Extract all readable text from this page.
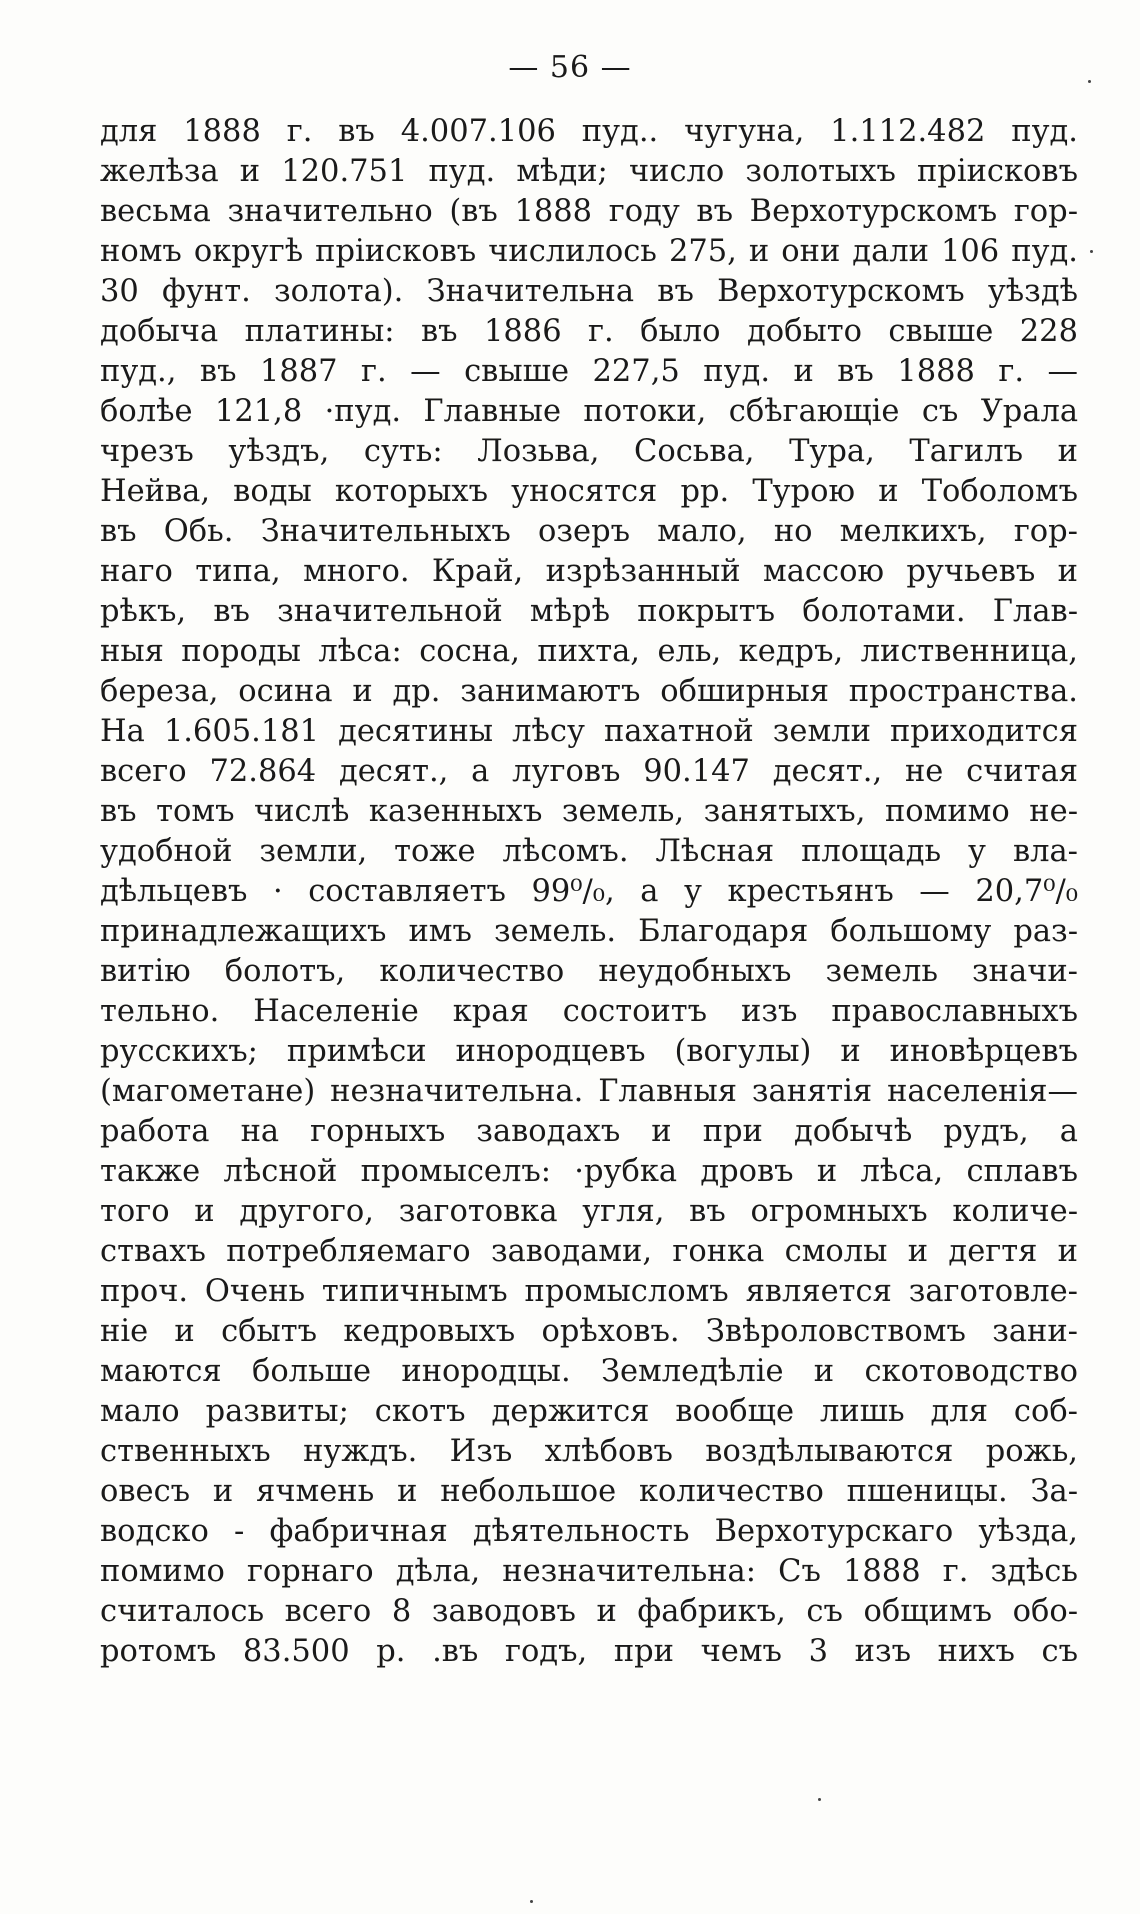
— 56 —
для 1888 г. въ 4.007.106 пуд.. чугуна, 1.112.482 пуд.
желѣза и 120.751 пуд. мѣди; число золотыхъ пріисковъ
весьма значительно (въ 1888 году въ Верхотурскомъ гор-
номъ округѣ пріисковъ числилось 275, и они дали 106 пуд.
30 фунт. золота). Значительна въ Верхотурскомъ уѣздѣ
добыча платины: въ 1886 г. было добыто свыше 228
пуд., въ 1887 г. — свыше 227,5 пуд. и въ 1888 г. —
болѣе 121,8 ·пуд. Главные потоки, сбѣгающіе съ Урала
чрезъ уѣздъ, суть: Лозьва, Сосьва, Тура, Тагилъ и
Нейва, воды которыхъ уносятся рр. Турою и Тоболомъ
въ Обь. Значительныхъ озеръ мало, но мелкихъ, гор-
наго типа, много. Край, изрѣзанный массою ручьевъ и
рѣкъ, въ значительной мѣрѣ покрытъ болотами. Глав-
ныя породы лѣса: сосна, пихта, ель, кедръ, лиственница,
береза, осина и др. занимаютъ обширныя пространства.
На 1.605.181 десятины лѣсу пахатной земли приходится
всего 72.864 десят., а луговъ 90.147 десят., не считая
въ томъ числѣ казенныхъ земель, занятыхъ, помимо не-
удобной земли, тоже лѣсомъ. Лѣсная площадь у вла-
дѣльцевъ · составляетъ 99⁰/₀, а у крестьянъ — 20,7⁰/₀
принадлежащихъ имъ земель. Благодаря большому раз-
витію болотъ, количество неудобныхъ земель значи-
тельно. Населеніе края состоитъ изъ православныхъ
русскихъ; примѣси инородцевъ (вогулы) и иновѣрцевъ
(магометане) незначительна. Главныя занятія населенія—
работа на горныхъ заводахъ и при добычѣ рудъ, а
также лѣсной промыселъ: ·рубка дровъ и лѣса, сплавъ
того и другого, заготовка угля, въ огромныхъ количе-
ствахъ потребляемаго заводами, гонка смолы и дегтя и
проч. Очень типичнымъ промысломъ является заготовле-
ніе и сбытъ кедровыхъ орѣховъ. Звѣроловствомъ зани-
маются больше инородцы. Земледѣліе и скотоводство
мало развиты; скотъ держится вообще лишь для соб-
ственныхъ нуждъ. Изъ хлѣбовъ воздѣлываются рожь,
овесъ и ячмень и небольшое количество пшеницы. За-
водско - фабричная дѣятельность Верхотурскаго уѣзда,
помимо горнаго дѣла, незначительна: Съ 1888 г. здѣсь
считалось всего 8 заводовъ и фабрикъ, съ общимъ обо-
ротомъ 83.500 р. .въ годъ, при чемъ 3 изъ нихъ съ
